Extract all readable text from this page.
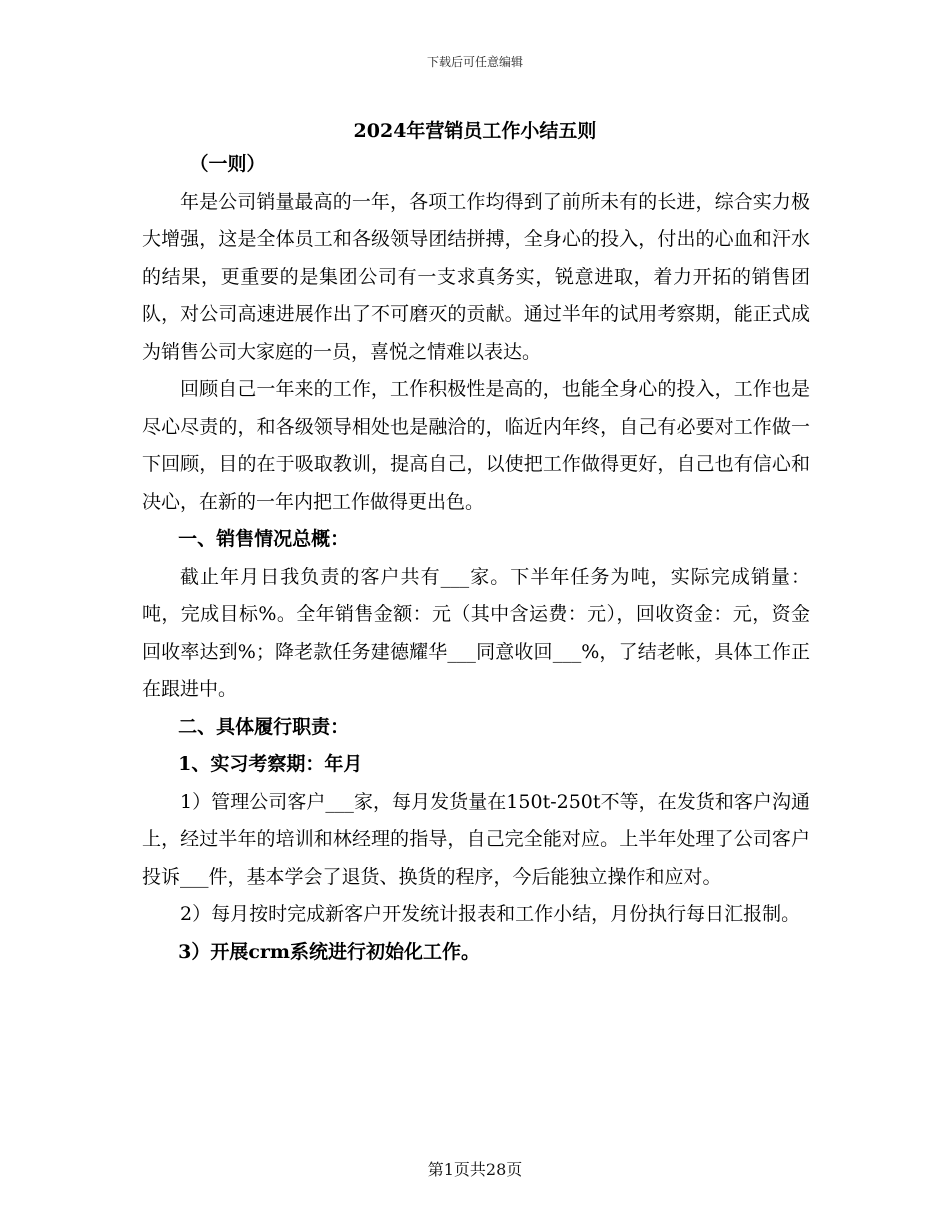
下载后可任意编辑
2024年营销员工作小结五则

（一则）

年是公司销量最高的一年，各项工作均得到了前所未有的长进，综合实力极大增强，这是全体员工和各级领导团结拼搏，全身心的投入，付出的心血和汗水的结果，更重要的是集团公司有一支求真务实，锐意进取，着力开拓的销售团队，对公司高速进展作出了不可磨灭的贡献。通过半年的试用考察期，能正式成为销售公司大家庭的一员，喜悦之情难以表达。

回顾自己一年来的工作，工作积极性是高的，也能全身心的投入，工作也是尽心尽责的，和各级领导相处也是融洽的，临近内年终，自己有必要对工作做一下回顾，目的在于吸取教训，提高自己，以使把工作做得更好，自己也有信心和决心，在新的一年内把工作做得更出色。

一、销售情况总概：

截止年月日我负责的客户共有___家。下半年任务为吨，实际完成销量：吨，完成目标%。全年销售金额：元（其中含运费：元），回收资金：元，资金回收率达到%；降老款任务建德耀华___同意收回___%，了结老帐，具体工作正在跟进中。

二、具体履行职责：

1、实习考察期：年月

1）管理公司客户___家，每月发货量在150t-250t不等，在发货和客户沟通上，经过半年的培训和林经理的指导，自己完全能对应。上半年处理了公司客户投诉___件，基本学会了退货、换货的程序，今后能独立操作和应对。

2）每月按时完成新客户开发统计报表和工作小结，月份执行每日汇报制。

3）开展crm系统进行初始化工作。

第1页共28页
